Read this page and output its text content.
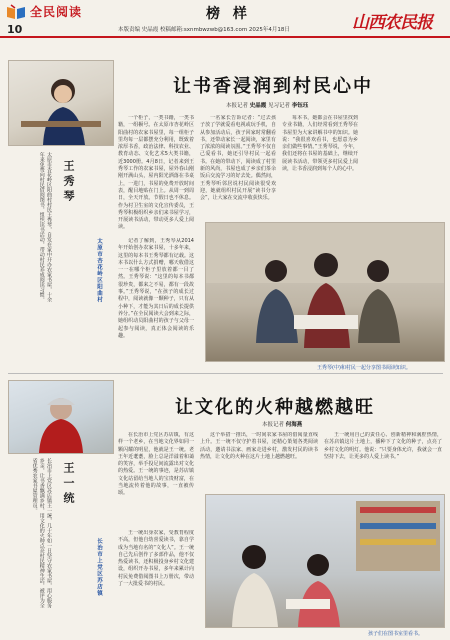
全民阅读
10
榜 样
本版责编 史晶霞 校稿邮箱:sxnmbwzwb@163.com 2025年4月18日	山西农民报
王秀琴
太原市杏花岭区阳曲村
太原市杏花岭区阳曲村村民王秀琴，自发在家中开办农家书屋，十余年来免费向村民借阅图书，组织读书活动，带动村民养成阅读习惯。
让书香浸润到村民心中
本报记者 史晶霞 见习记者 李钰珏
一个柜子，一类书籍，一类书籍，一组橱号。在太原市杏花岭区阳曲村的农家书屋里，每一组柜子里均每一层都摆充分利用，既致着浓厚书香，政治法律、科技农业、教育动态、文化艺术5大类书籍，近3000册。4月8日，记者来到王秀琴工作的农家书屋，屋外春山刚刚开满山头，屋内阳光洒落在书桌上，一进门，书屋的免费开放时间表，醒目地贴在门上。从周一到周日，全天开放。节假日也不休息。作为村卫生室的文化宣传委员，王秀琴积极组织乡亲们来书屋学习，开展读书活动，带动更多人爱上阅读。
记者了解到，王秀琴从2014年开始创办农家书屋，十多年来，这里的每本书王秀琴都有记载。这本书以什么方式捐赠，哪天收借这一一在哪个柜子里放着都一目了然。王秀琴说：“这里的每本书都很珍贵，都来之不易，都有一段故事。”王秀琴说，“在孩子的成长过程中，阅读就像一颗种子，只有从小种下，才能为其日后的成长提供养分。”在全民阅读大会到来之际，她组织动员阳曲村的孩子与父母一起参与阅读，真正体会阅读的乐趣。
一名家长告诉记者：“过去孩子放了学就爱看电视或玩手机，自从参加活动后，孩子回家时常翻看书，还带动家长一起阅读，家里有了浓浓的阅读氛围。”王秀琴不仅自己爱看书，她还引导村民一起看书。在她的带动下，阅读成了村里新的风尚，书屋也成了乡亲们茶余饭后交流学习的好去处。偶然间，王秀琴听邻居说村民阅读很受欢迎，她就组织村民开展“读书分享会”，让大家在交流中收获快乐。
每本书，她都会在书屋里找到专业书籍，人们经常看到王秀琴在书屋里为大家讲解书中的知识。她说：“我很喜欢看书，也愿意为乡亲们做些事情。”王秀琴说，今年，我们还将在书屋的基础上，继续开展读书活动，带领更多村民爱上阅读，让书香浸润到每个人的心中。
王秀琴(中)和村民一起分享图书阅读知识。
王一统
长治市上党区苏店镇
长治市上党区苏店镇王一统，几十年如一日坚守农家书屋，用心服务乡亲，让书香飘满乡村，用文化的火种点亮村民精神生活，被评为全省优秀农家书屋管理员。
让文化的火种越燃越旺
本报记者 何海燕
在长治市上党区苏店镇，有这样一个老乡，在当地文化界如同一颗闪耀的明星，他就是王一统。老王年近耄耋，脸上总是洋溢着和蔼的笑容，举手投足间流露出对文化的热爱。王一统的事迹，是苏店镇文化站留给当地人的宝贵财富，在当地流传着他的故事，一直被传颂。
王一统出身农家，受教育程度不高，但他自幼喜爱读书，靠自学成为当地有名的“文化人”。王一统自己先后创作了多部作品，他不仅热爱读书，还积极投身乡村文化建设，组织开办书屋，多年来累计向村民免费借阅图书上万册次，带动了一大批爱书的村民。
这个举措一推出，一时间农家书屋的借阅量直线上升。王一统不仅守护着书屋，还精心策划各类阅读活动，邀请书法家、画家走进乡村，激发村民的读书热情，让文化的火种在这片土地上越燃越旺。
王一统用自己的责任心、创新精神和满腔热情，在苏店镇这片土地上，播种下了文化的种子，点亮了乡村文化的明灯。他说：“只要身体允许，我就会一直坚持下去，让更多的人爱上读书。”
孩子们在图书室里看书。
